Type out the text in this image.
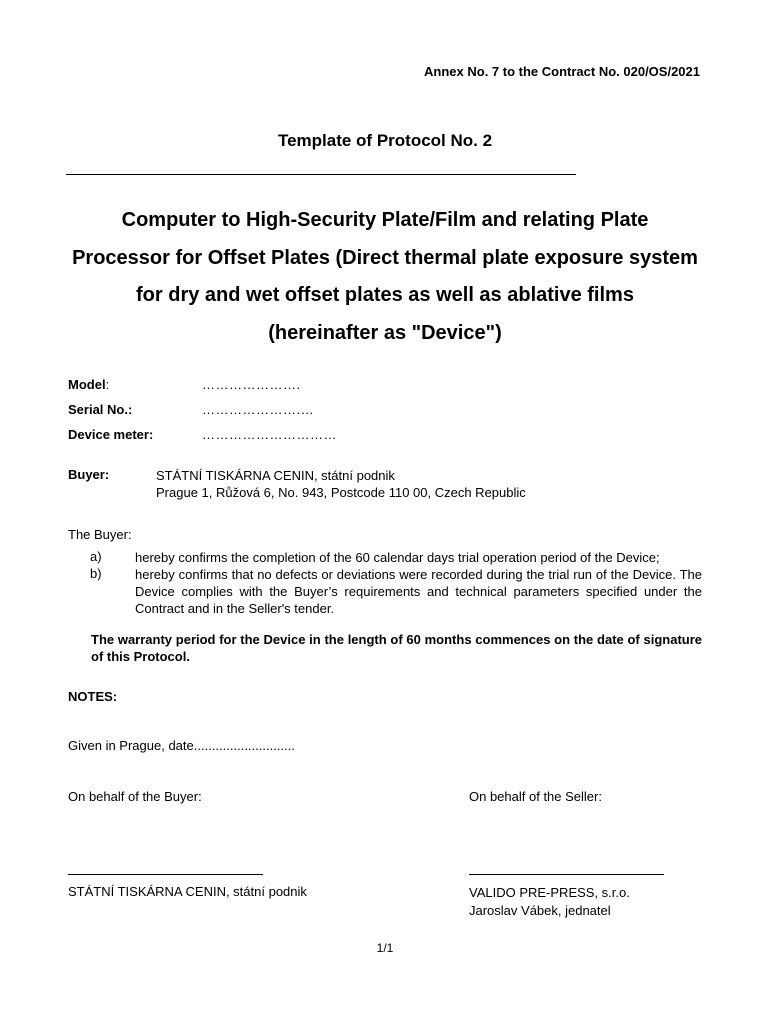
Annex No. 7 to the Contract No. 020/OS/2021
Template of Protocol No. 2
Computer to High-Security Plate/Film and relating Plate
Processor for Offset Plates (Direct thermal plate exposure system
for dry and wet offset plates as well as ablative films
(hereinafter as "Device")
Model:	………………….
Serial No.:	………………….…
Device meter:	…………………………
Buyer:	STÁTNÍ TISKÁRNA CENIN, státní podnik
Prague 1, Růžová 6, No. 943, Postcode 110 00, Czech Republic
The Buyer:
a)	hereby confirms the completion of the 60 calendar days trial operation period of the Device;
b)	hereby confirms that no defects or deviations were recorded during the trial run of the Device. The Device complies with the Buyer’s requirements and technical parameters specified under the Contract and in the Seller's tender.
The warranty period for the Device in the length of 60 months commences on the date of signature of this Protocol.
NOTES:
Given in Prague, date............................
On behalf of the Buyer:	On behalf of the Seller:
STÁTNÍ TISKÁRNA CENIN, státní podnik	VALIDO PRE-PRESS, s.r.o.
Jaroslav Vábek, jednatel
1/1
